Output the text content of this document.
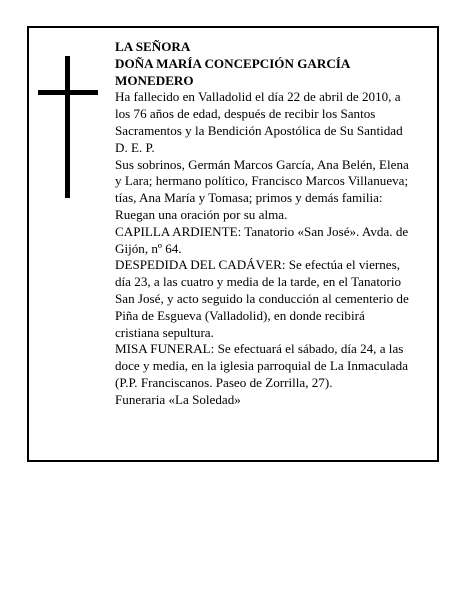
LA SEÑORA

DOÑA MARÍA CONCEPCIÓN GARCÍA

MONEDERO

Ha fallecido en Valladolid el día 22 de abril de 2010, a

los 76 años de edad, después de recibir los Santos

Sacramentos y la Bendición Apostólica de Su Santidad

D. E. P.

Sus sobrinos, Germán Marcos García, Ana Belén, Elena

y Lara; hermano político, Francisco Marcos Villanueva;

tías, Ana María y Tomasa; primos y demás familia:

Ruegan una oración por su alma.

CAPILLA ARDIENTE: Tanatorio «San José». Avda. de

Gijón, nº 64.

DESPEDIDA DEL CADÁVER: Se efectúa el viernes,

día 23, a las cuatro y media de la tarde, en el Tanatorio

San José, y acto seguido la conducción al cementerio de

Piña de Esgueva (Valladolid), en donde recibirá

cristiana sepultura.

MISA FUNERAL: Se efectuará el sábado, día 24, a las

doce y media, en la iglesia parroquial de La Inmaculada

(P.P. Franciscanos. Paseo de Zorrilla, 27).

Funeraria «La Soledad»
